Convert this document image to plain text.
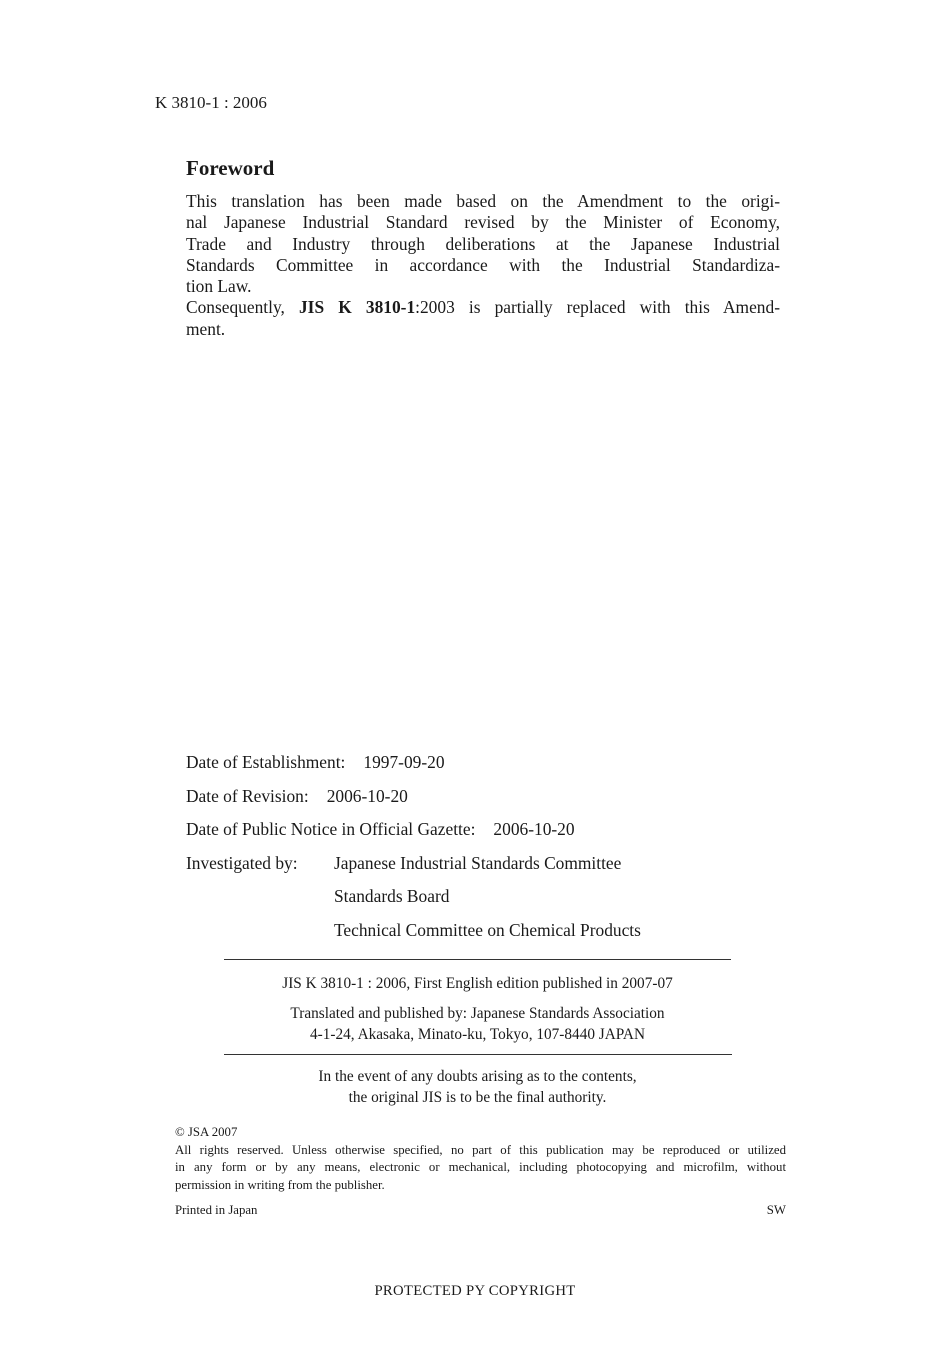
K 3810-1 : 2006
Foreword
This translation has been made based on the Amendment to the origi-
nal Japanese Industrial Standard revised by the Minister of Economy,
Trade and Industry through deliberations at the Japanese Industrial
Standards Committee in accordance with the Industrial Standardiza-
tion Law.
Consequently, JIS K 3810-1:2003 is partially replaced with this Amend-
ment.
Date of Establishment: 1997-09-20
Date of Revision: 2006-10-20
Date of Public Notice in Official Gazette: 2006-10-20
Investigated by: Japanese Industrial Standards Committee
Standards Board
Technical Committee on Chemical Products
JIS K 3810-1 : 2006, First English edition published in 2007-07
Translated and published by: Japanese Standards Association
4-1-24, Akasaka, Minato-ku, Tokyo, 107-8440 JAPAN
In the event of any doubts arising as to the contents,
the original JIS is to be the final authority.
© JSA 2007
All rights reserved. Unless otherwise specified, no part of this publication may be reproduced or utilized
in any form or by any means, electronic or mechanical, including photocopying and microfilm, without
permission in writing from the publisher.
Printed in Japan	SW
PROTECTED PY COPYRIGHT
